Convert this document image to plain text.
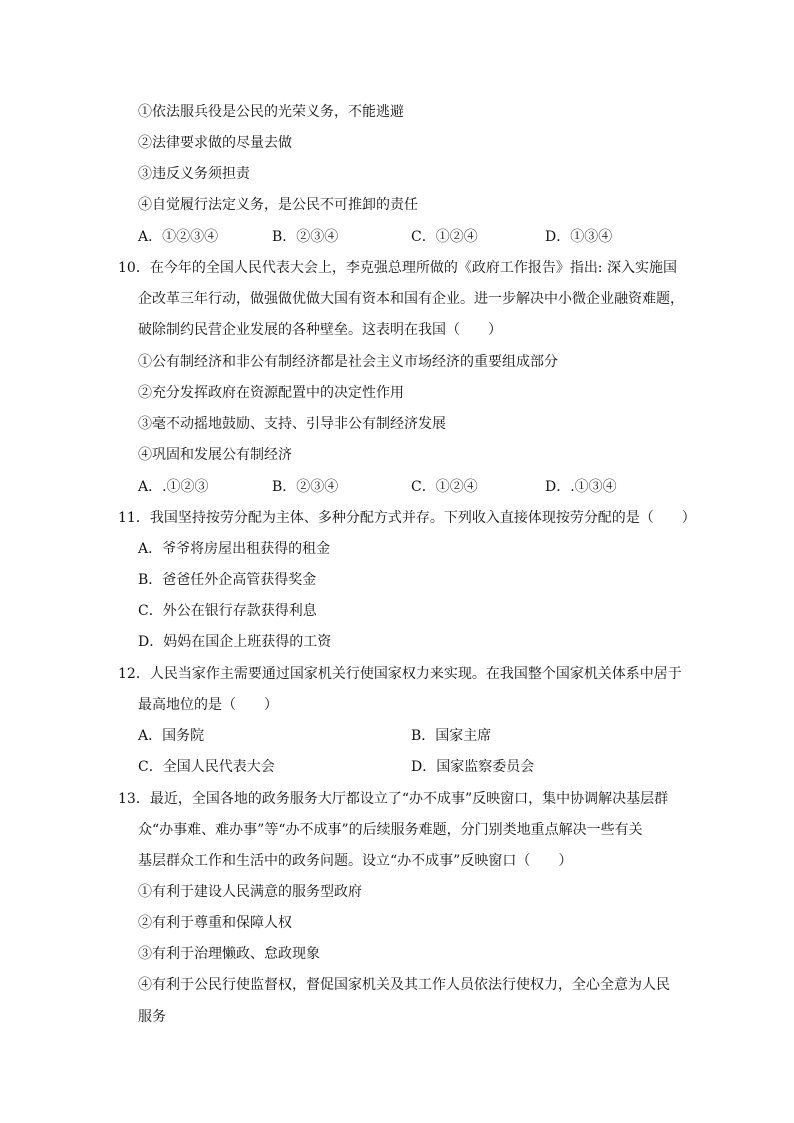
①依法服兵役是公民的光荣义务，不能逃避
②法律要求做的尽量去做
③违反义务须担责
④自觉履行法定义务，是公民不可推卸的责任
A．①②③④	B．②③④	C．①②④	D．①③④
10．在今年的全国人民代表大会上，李克强总理所做的《政府工作报告》指出: 深入实施国
企改革三年行动，做强做优做大国有资本和国有企业。进一步解决中小微企业融资难题，
破除制约民营企业发展的各种壁垒。这表明在我国（　　）
①公有制经济和非公有制经济都是社会主义市场经济的重要组成部分
②充分发挥政府在资源配置中的决定性作用
③毫不动摇地鼓励、支持、引导非公有制经济发展
④巩固和发展公有制经济
A．.①②③	B．②③④	C．①②④	D．.①③④
11．我国坚持按劳分配为主体、多种分配方式并存。下列收入直接体现按劳分配的是（　　）
A．爷爷将房屋出租获得的租金
B．爸爸任外企高管获得奖金
C．外公在银行存款获得利息
D．妈妈在国企上班获得的工资
12．人民当家作主需要通过国家机关行使国家权力来实现。在我国整个国家机关体系中居于
最高地位的是（　　）
A．国务院	B．国家主席
C．全国人民代表大会	D．国家监察委员会
13．最近，全国各地的政务服务大厅都设立了“办不成事”反映窗口，集中协调解决基层群
众“办事难、难办事”等“办不成事”的后续服务难题，分门别类地重点解决一些有关
基层群众工作和生活中的政务问题。设立“办不成事”反映窗口（　　）
①有利于建设人民满意的服务型政府
②有利于尊重和保障人权
③有利于治理懒政、怠政现象
④有利于公民行使监督权，督促国家机关及其工作人员依法行使权力，全心全意为人民
服务
